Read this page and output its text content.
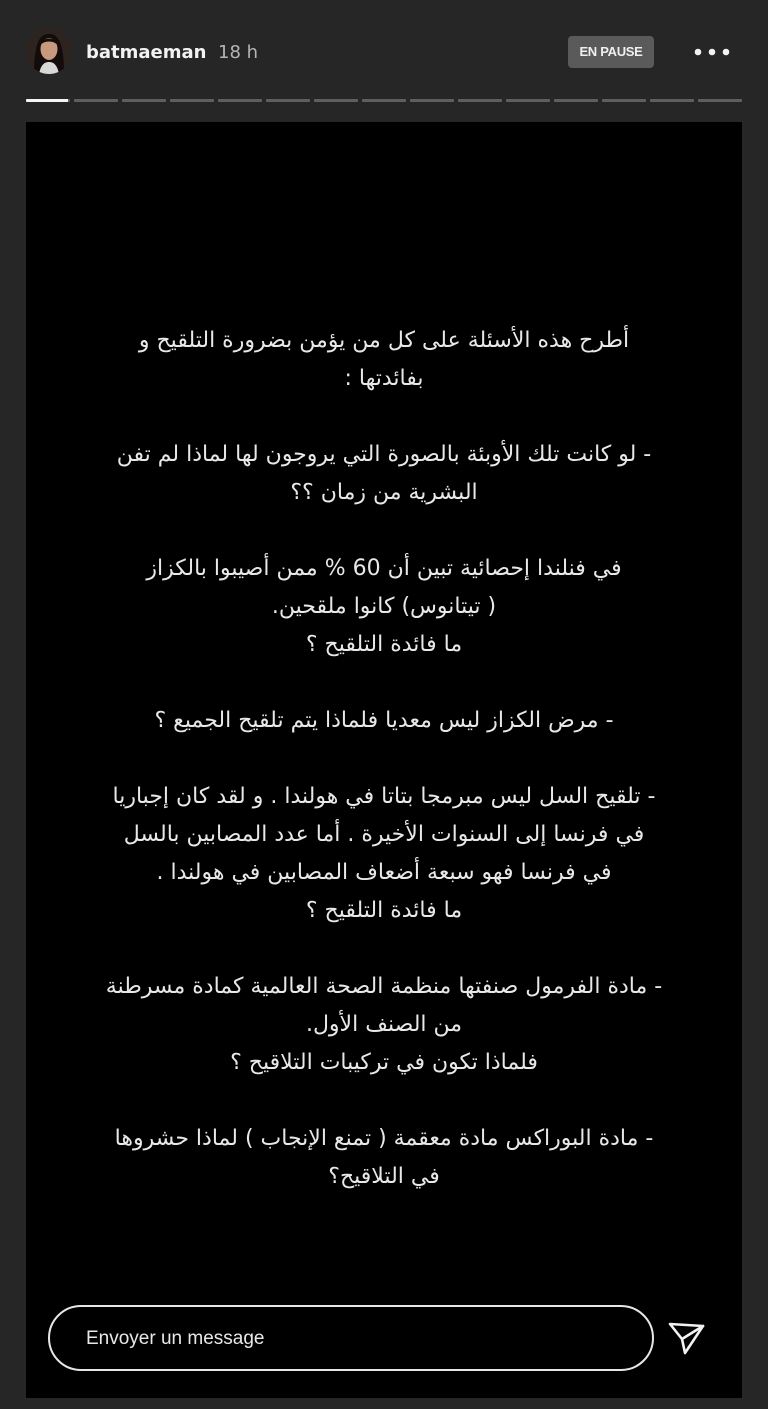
batmaeman 18 h	EN PAUSE

أطرح هذه الأسئلة على كل من يؤمن بضرورة التلقيح و
بفائدتها :

- لو كانت تلك الأوبئة بالصورة التي يروجون لها لماذا لم تفن
البشرية من زمان ؟؟

في فنلندا إحصائية تبين أن 60 % ممن أصيبوا بالكزاز
( تيتانوس) كانوا ملقحين.
ما فائدة التلقيح ؟

- مرض الكزاز ليس معديا فلماذا يتم تلقيح الجميع ؟

- تلقيح السل ليس مبرمجا بتاتا في هولندا . و لقد كان إجباريا
في فرنسا إلى السنوات الأخيرة . أما عدد المصابين بالسل
في فرنسا فهو سبعة أضعاف المصابين في هولندا .
ما فائدة التلقيح ؟

- مادة الفرمول صنفتها منظمة الصحة العالمية كمادة مسرطنة
من الصنف الأول.
فلماذا تكون في تركيبات التلاقيح ؟

- مادة البوراكس مادة معقمة ( تمنع الإنجاب ) لماذا حشروها
في التلاقيح؟

Envoyer un message
